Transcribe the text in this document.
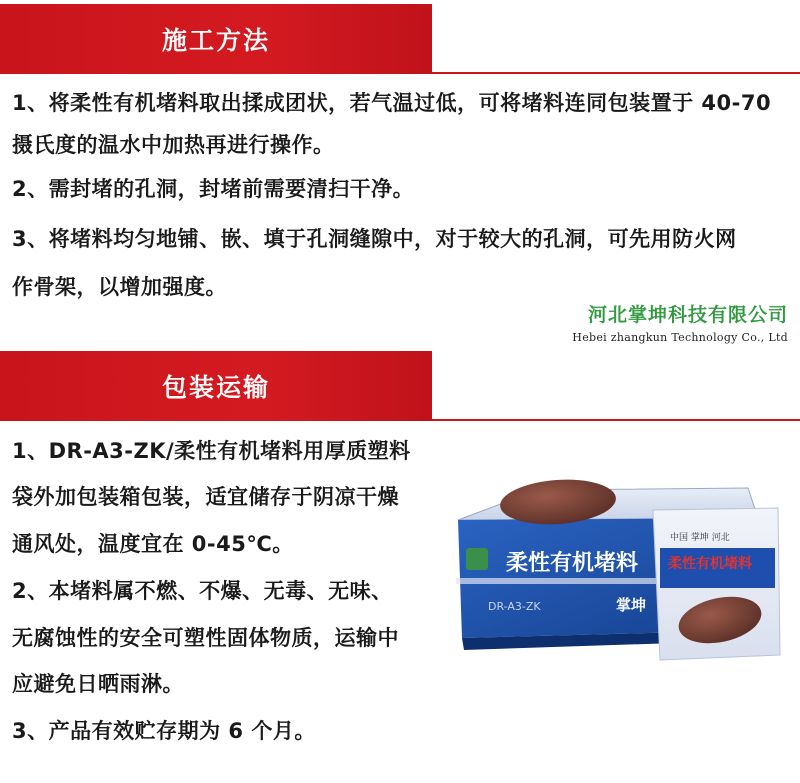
施工方法
1、将柔性有机堵料取出揉成团状，若气温过低，可将堵料连同包装置于 40-70
摄氏度的温水中加热再进行操作。
2、需封堵的孔洞，封堵前需要清扫干净。
3、将堵料均匀地铺、嵌、填于孔洞缝隙中，对于较大的孔洞，可先用防火网
作骨架，以增加强度。
河北掌坤科技有限公司
Hebei zhangkun Technology Co., Ltd
包装运输
1、DR-A3-ZK/柔性有机堵料用厚质塑料
袋外加包装箱包装，适宜储存于阴凉干燥
通风处，温度宜在 0-45℃。
2、本堵料属不燃、不爆、无毒、无味、
无腐蚀性的安全可塑性固体物质，运输中
应避免日晒雨淋。
3、产品有效贮存期为 6 个月。
柔性有机堵料
DR-A3-ZK	掌坤
中国 掌坤 河北
柔性有机堵料
